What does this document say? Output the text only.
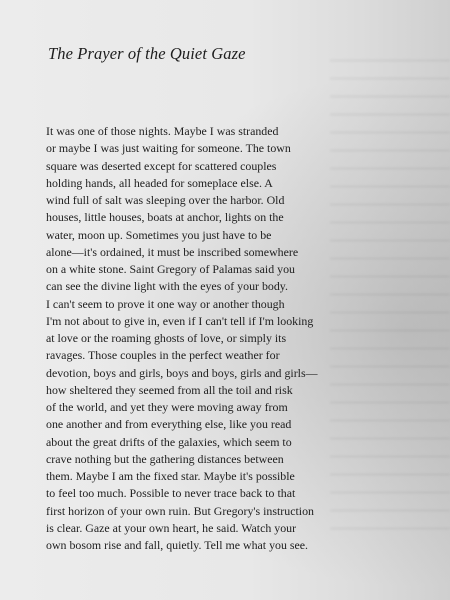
The Prayer of the Quiet Gaze
It was one of those nights. Maybe I was stranded
or maybe I was just waiting for someone. The town
square was deserted except for scattered couples
holding hands, all headed for someplace else. A
wind full of salt was sleeping over the harbor. Old
houses, little houses, boats at anchor, lights on the
water, moon up. Sometimes you just have to be
alone—it's ordained, it must be inscribed somewhere
on a white stone. Saint Gregory of Palamas said you
can see the divine light with the eyes of your body.
I can't seem to prove it one way or another though
I'm not about to give in, even if I can't tell if I'm looking
at love or the roaming ghosts of love, or simply its
ravages. Those couples in the perfect weather for
devotion, boys and girls, boys and boys, girls and girls—
how sheltered they seemed from all the toil and risk
of the world, and yet they were moving away from
one another and from everything else, like you read
about the great drifts of the galaxies, which seem to
crave nothing but the gathering distances between
them. Maybe I am the fixed star. Maybe it's possible
to feel too much. Possible to never trace back to that
first horizon of your own ruin. But Gregory's instruction
is clear. Gaze at your own heart, he said. Watch your
own bosom rise and fall, quietly. Tell me what you see.
